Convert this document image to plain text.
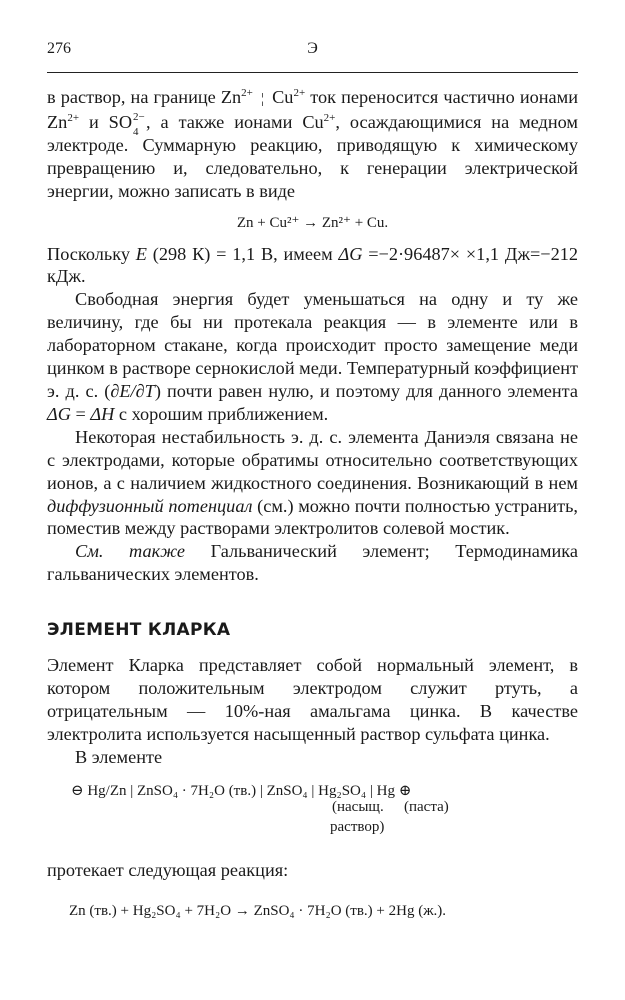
276	Э

в раствор, на границе $Zn^{2+}$ ¦ $Cu^{2+}$ ток переносится частично ионами $Zn^{2+}$ и SO 2−
4 , а также ионами $Cu^{2+}$, осаждающимися на медном электроде. Суммарную реакцию, приводящую к химическому превращению и, следовательно, к генерации электрической энергии, можно записать в виде

Zn + Cu²⁺ → Zn²⁺ + Cu.

Поскольку E (298 К) = 1,1 В, имеем ΔG =−2·96487× ×1,1 Дж=−212 кДж.

Свободная энергия будет уменьшаться на одну и ту же величину, где бы ни протекала реакция — в элементе или в лабораторном стакане, когда происходит просто замещение меди цинком в растворе сернокислой меди. Температурный коэффициент э. д. с. (∂E/∂T) почти равен нулю, и поэтому для данного элемента ΔG = ΔH с хорошим приближением.

Некоторая нестабильность э. д. с. элемента Даниэля связана не с электродами, которые обратимы относительно соответствующих ионов, а с наличием жидкостного соединения. Возникающий в нем диффузионный потенциал (см.) можно почти полностью устранить, поместив между растворами электролитов солевой мостик.

См. также Гальванический элемент; Термодинамика гальванических элементов.

ЭЛЕМЕНТ КЛАРКА

Элемент Кларка представляет собой нормальный элемент, в котором положительным электродом служит ртуть, а отрицательным — 10%-ная амальгама цинка. В качестве электролита используется насыщенный раствор сульфата цинка.

В элементе

⊖ Hg/Zn | ZnSO₄ · 7H₂O (тв.) | ZnSO₄ | Hg₂SO₄ | Hg ⊕
(насыщ.
раствор)
(паста)

протекает следующая реакция:

Zn (тв.) + Hg₂SO₄ + 7H₂O → ZnSO₄ · 7H₂O (тв.) + 2Hg (ж.).
